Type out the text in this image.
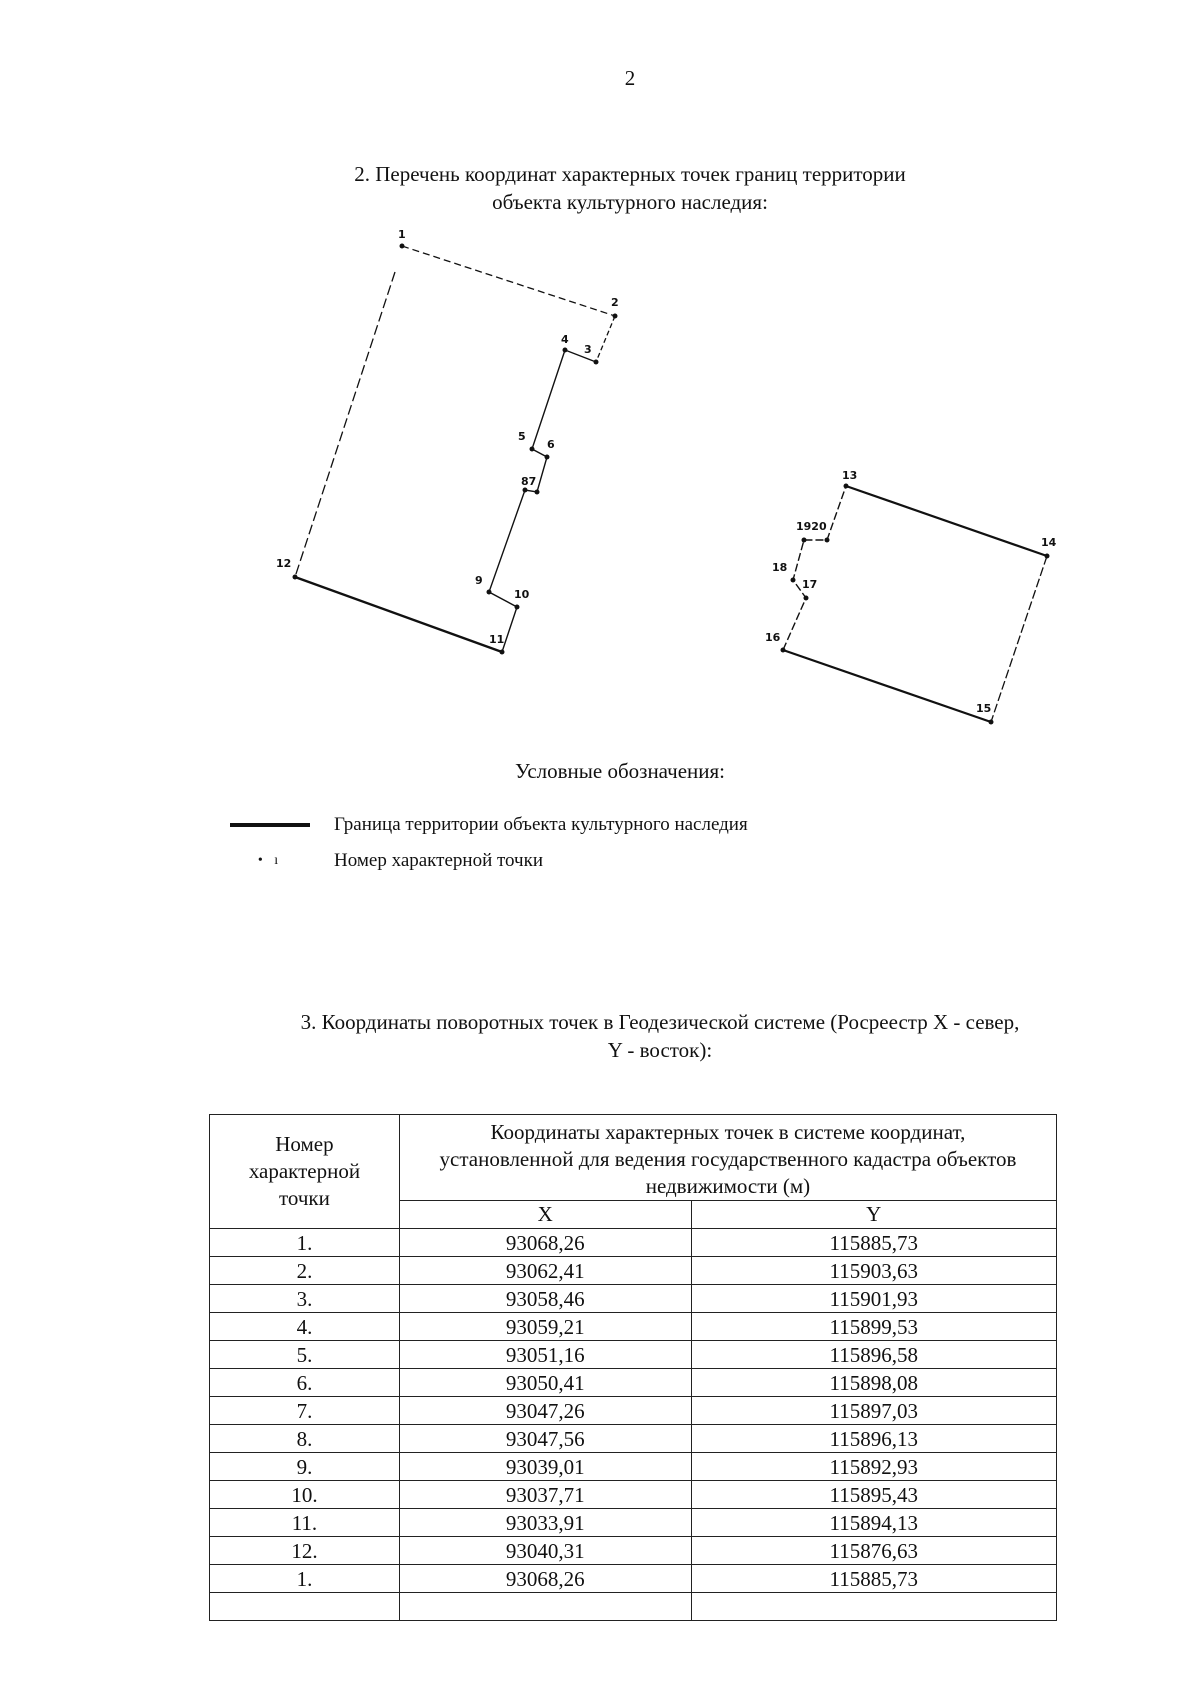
2
2. Перечень координат характерных точек границ территории
объекта культурного наследия:
1
2
3
4
5
6
87
9
10
11
12
13
14
15
16
17
18
1920
Условные обозначения:
Граница территории объекта культурного наследия
• ı	Номер характерной точки
3. Координаты поворотных точек в Геодезической системе (Росреестр X - север,
Y - восток):
Номер характерной точки	Координаты характерных точек в системе координат, установленной для ведения государственного кадастра объектов недвижимости (м)	
	X	Y
1.	93068,26	115885,73
2.	93062,41	115903,63
3.	93058,46	115901,93
4.	93059,21	115899,53
5.	93051,16	115896,58
6.	93050,41	115898,08
7.	93047,26	115897,03
8.	93047,56	115896,13
9.	93039,01	115892,93
10.	93037,71	115895,43
11.	93033,91	115894,13
12.	93040,31	115876,63
1.	93068,26	115885,73
